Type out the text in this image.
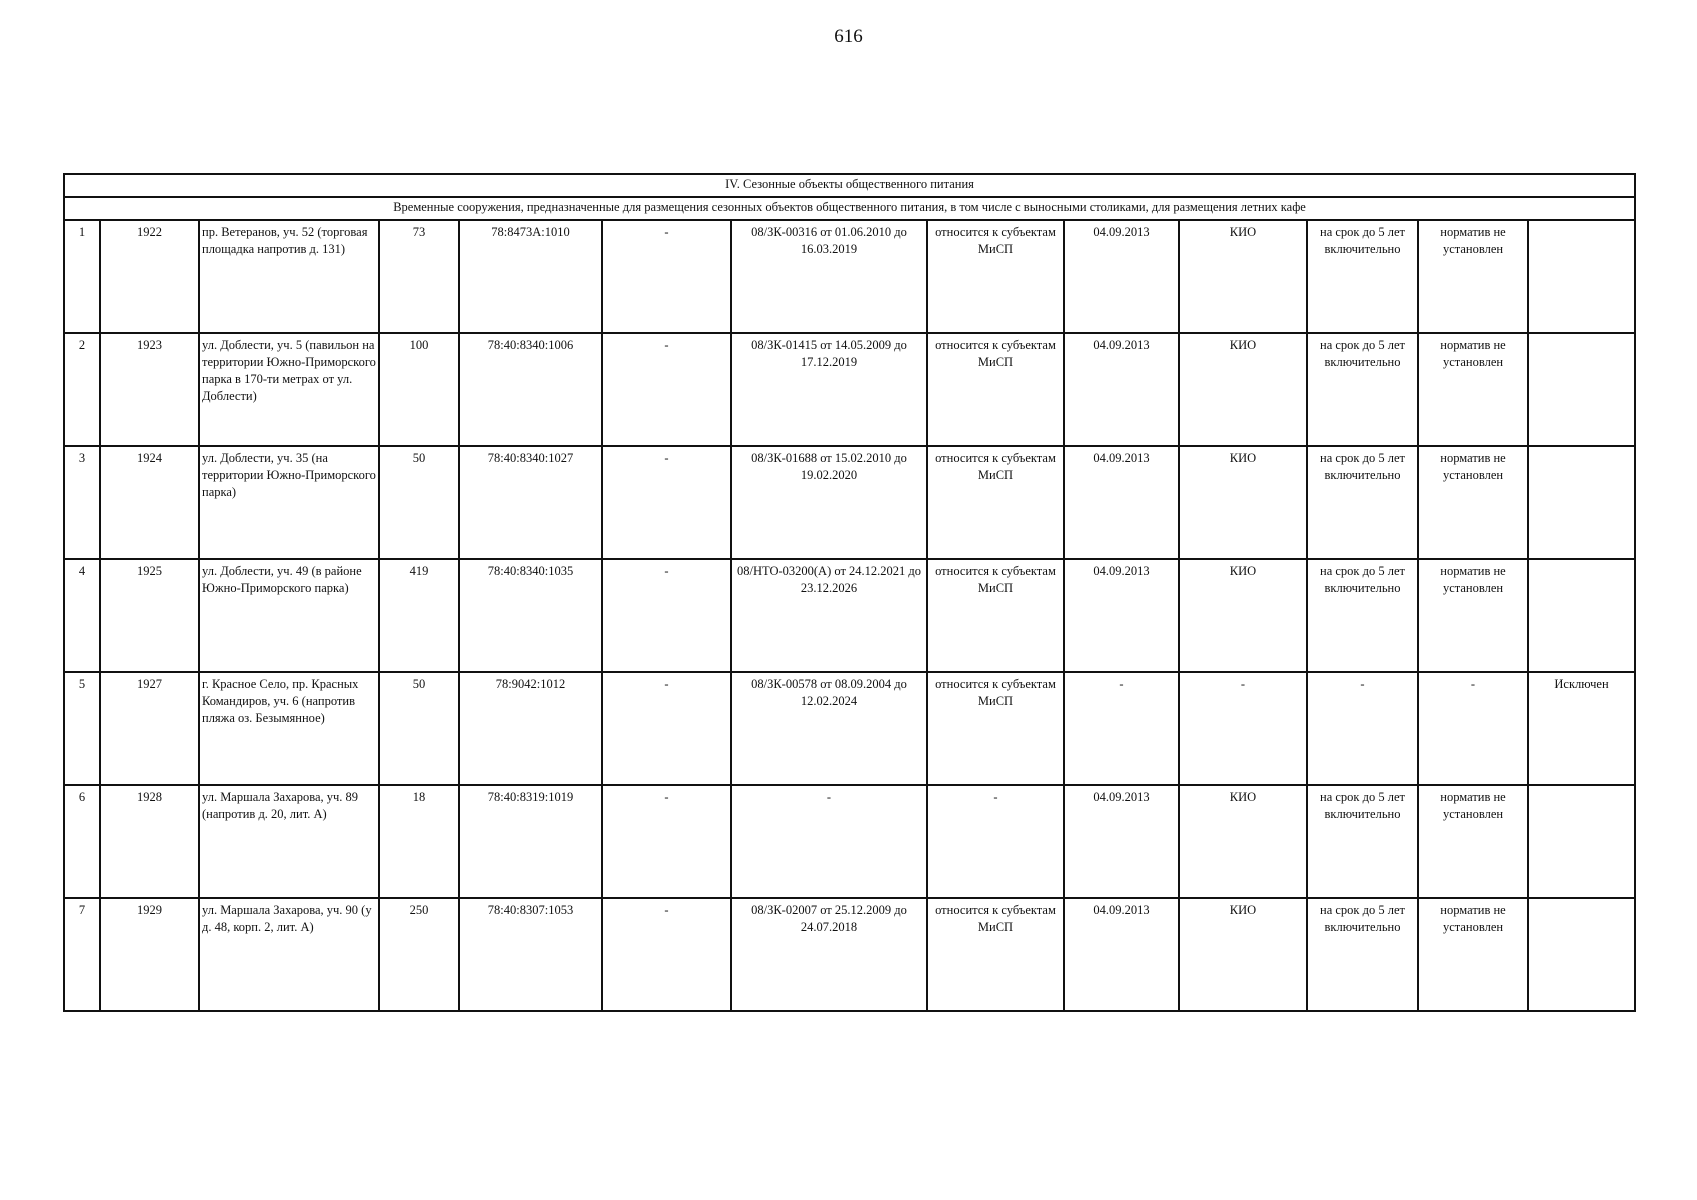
616
IV. Сезонные объекты общественного питания												
Временные сооружения, предназначенные для размещения сезонных объектов общественного питания, в том числе с выносными столиками, для размещения летних кафе												
1	1922	пр. Ветеранов, уч. 52 (торговая площадка напротив д. 131)	73	78:8473А:1010	-	08/ЗК-00316 от 01.06.2010 до 16.03.2019	относится к субъектам МиСП	04.09.2013	КИО	на срок до 5 лет включительно	норматив не установлен	
2	1923	ул. Доблести, уч. 5 (павильон на территории Южно-Приморского парка в 170-ти метрах от ул. Доблести)	100	78:40:8340:1006	-	08/ЗК-01415 от 14.05.2009 до 17.12.2019	относится к субъектам МиСП	04.09.2013	КИО	на срок до 5 лет включительно	норматив не установлен	
3	1924	ул. Доблести, уч. 35 (на территории Южно-Приморского парка)	50	78:40:8340:1027	-	08/ЗК-01688 от 15.02.2010 до 19.02.2020	относится к субъектам МиСП	04.09.2013	КИО	на срок до 5 лет включительно	норматив не установлен	
4	1925	ул. Доблести, уч. 49 (в районе Южно-Приморского парка)	419	78:40:8340:1035	-	08/НТО-03200(А) от 24.12.2021 до 23.12.2026	относится к субъектам МиСП	04.09.2013	КИО	на срок до 5 лет включительно	норматив не установлен	
5	1927	г. Красное Село, пр. Красных Командиров, уч. 6 (напротив пляжа оз. Безымянное)	50	78:9042:1012	-	08/ЗК-00578 от 08.09.2004 до 12.02.2024	относится к субъектам МиСП	-	-	-	-	Исключен
6	1928	ул. Маршала Захарова, уч. 89 (напротив д. 20, лит. А)	18	78:40:8319:1019	-	-	-	04.09.2013	КИО	на срок до 5 лет включительно	норматив не установлен	
7	1929	ул. Маршала Захарова, уч. 90 (у д. 48, корп. 2, лит. А)	250	78:40:8307:1053	-	08/ЗК-02007 от 25.12.2009 до 24.07.2018	относится к субъектам МиСП	04.09.2013	КИО	на срок до 5 лет включительно	норматив не установлен	
